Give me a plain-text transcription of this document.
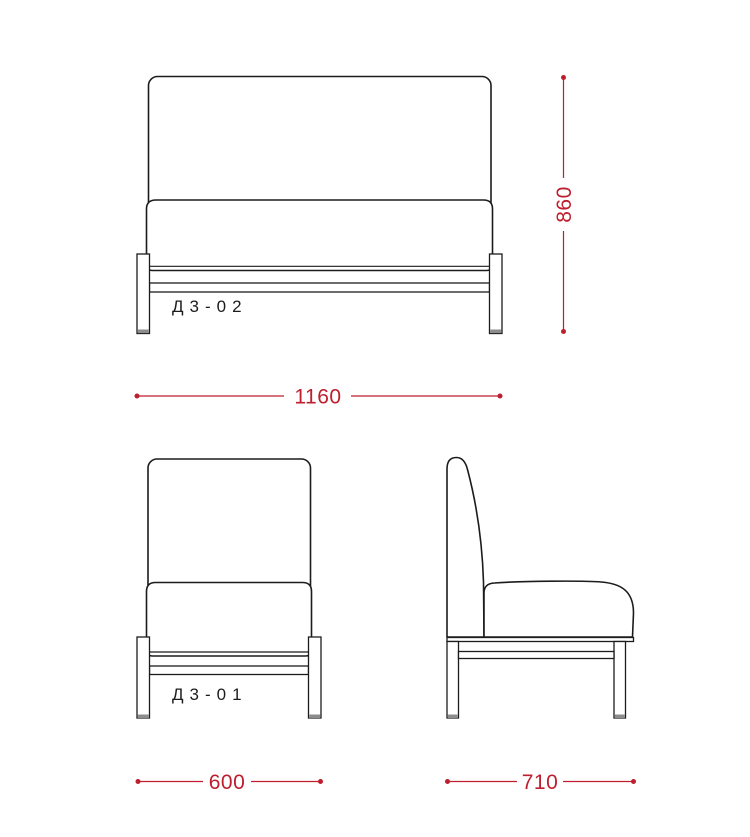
Д3-02
1160
860
Д3-01
600	710
